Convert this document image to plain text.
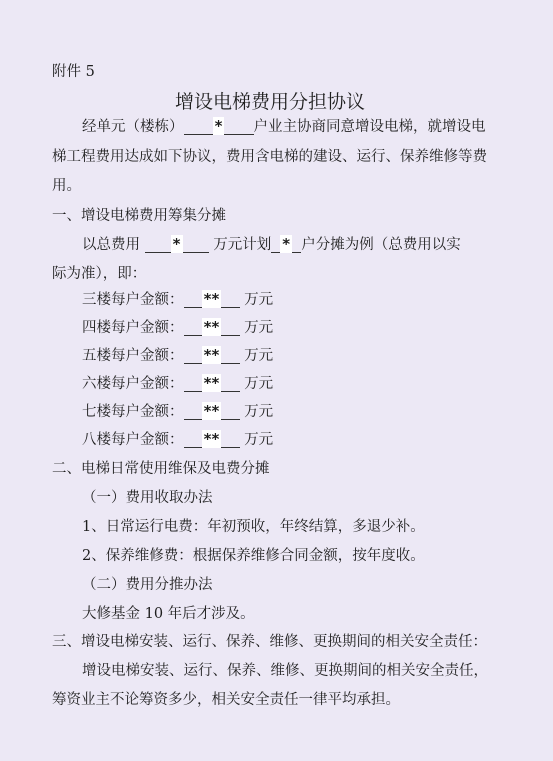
附件 5
增设电梯费用分担协议
经单元（楼栋） * 户业主协商同意增设电梯，就增设电
梯工程费用达成如下协议，费用含电梯的建设、运行、保养维修等费
用。
一、增设电梯费用筹集分摊
以总费用 * 万元计划 * 户分摊为例（总费用以实
际为准），即：
三楼每户金额： ** 万元
四楼每户金额： ** 万元
五楼每户金额： ** 万元
六楼每户金额： ** 万元
七楼每户金额： ** 万元
八楼每户金额： ** 万元
二、电梯日常使用维保及电费分摊
（一）费用收取办法
1、日常运行电费：年初预收，年终结算，多退少补。
2、保养维修费：根据保养维修合同金额，按年度收。
（二）费用分推办法
大修基金 10 年后才涉及。
三、增设电梯安装、运行、保养、维修、更换期间的相关安全责任：
增设电梯安装、运行、保养、维修、更换期间的相关安全责任，
筹资业主不论筹资多少，相关安全责任一律平均承担。
